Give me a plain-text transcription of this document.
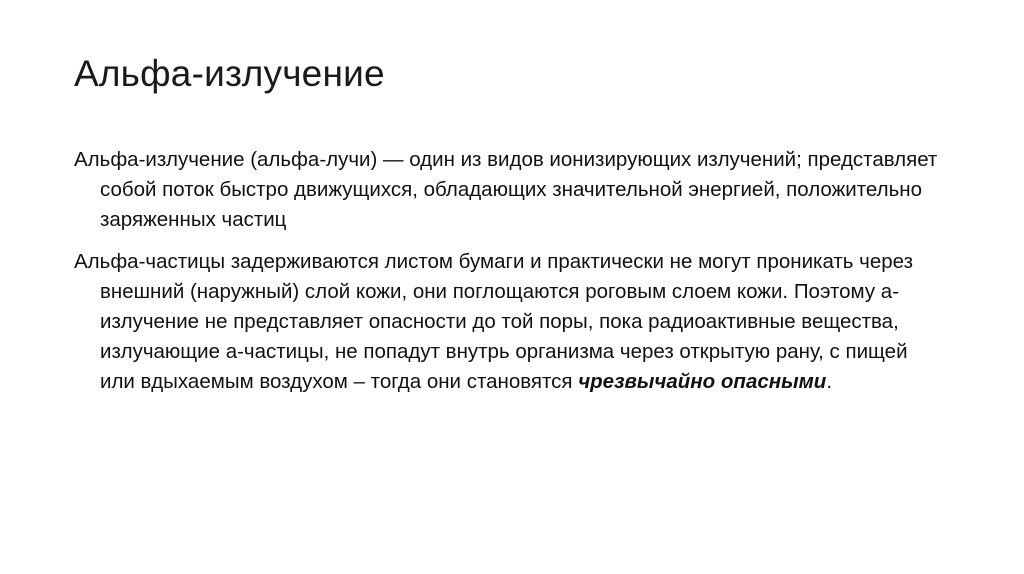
Альфа-излучение

Альфа-излучение (альфа-лучи) — один из видов ионизирующих излучений; представляет собой поток быстро движущихся, обладающих значительной энергией, положительно заряженных частиц

Альфа-частицы задерживаются листом бумаги и практически не могут проникать через внешний (наружный) слой кожи, они поглощаются роговым слоем кожи. Поэтому a-излучение не представляет опасности до той поры, пока радиоактивные вещества, излучающие a-частицы, не попадут внутрь организма через открытую рану, с пищей или вдыхаемым воздухом – тогда они становятся чрезвычайно опасными.
